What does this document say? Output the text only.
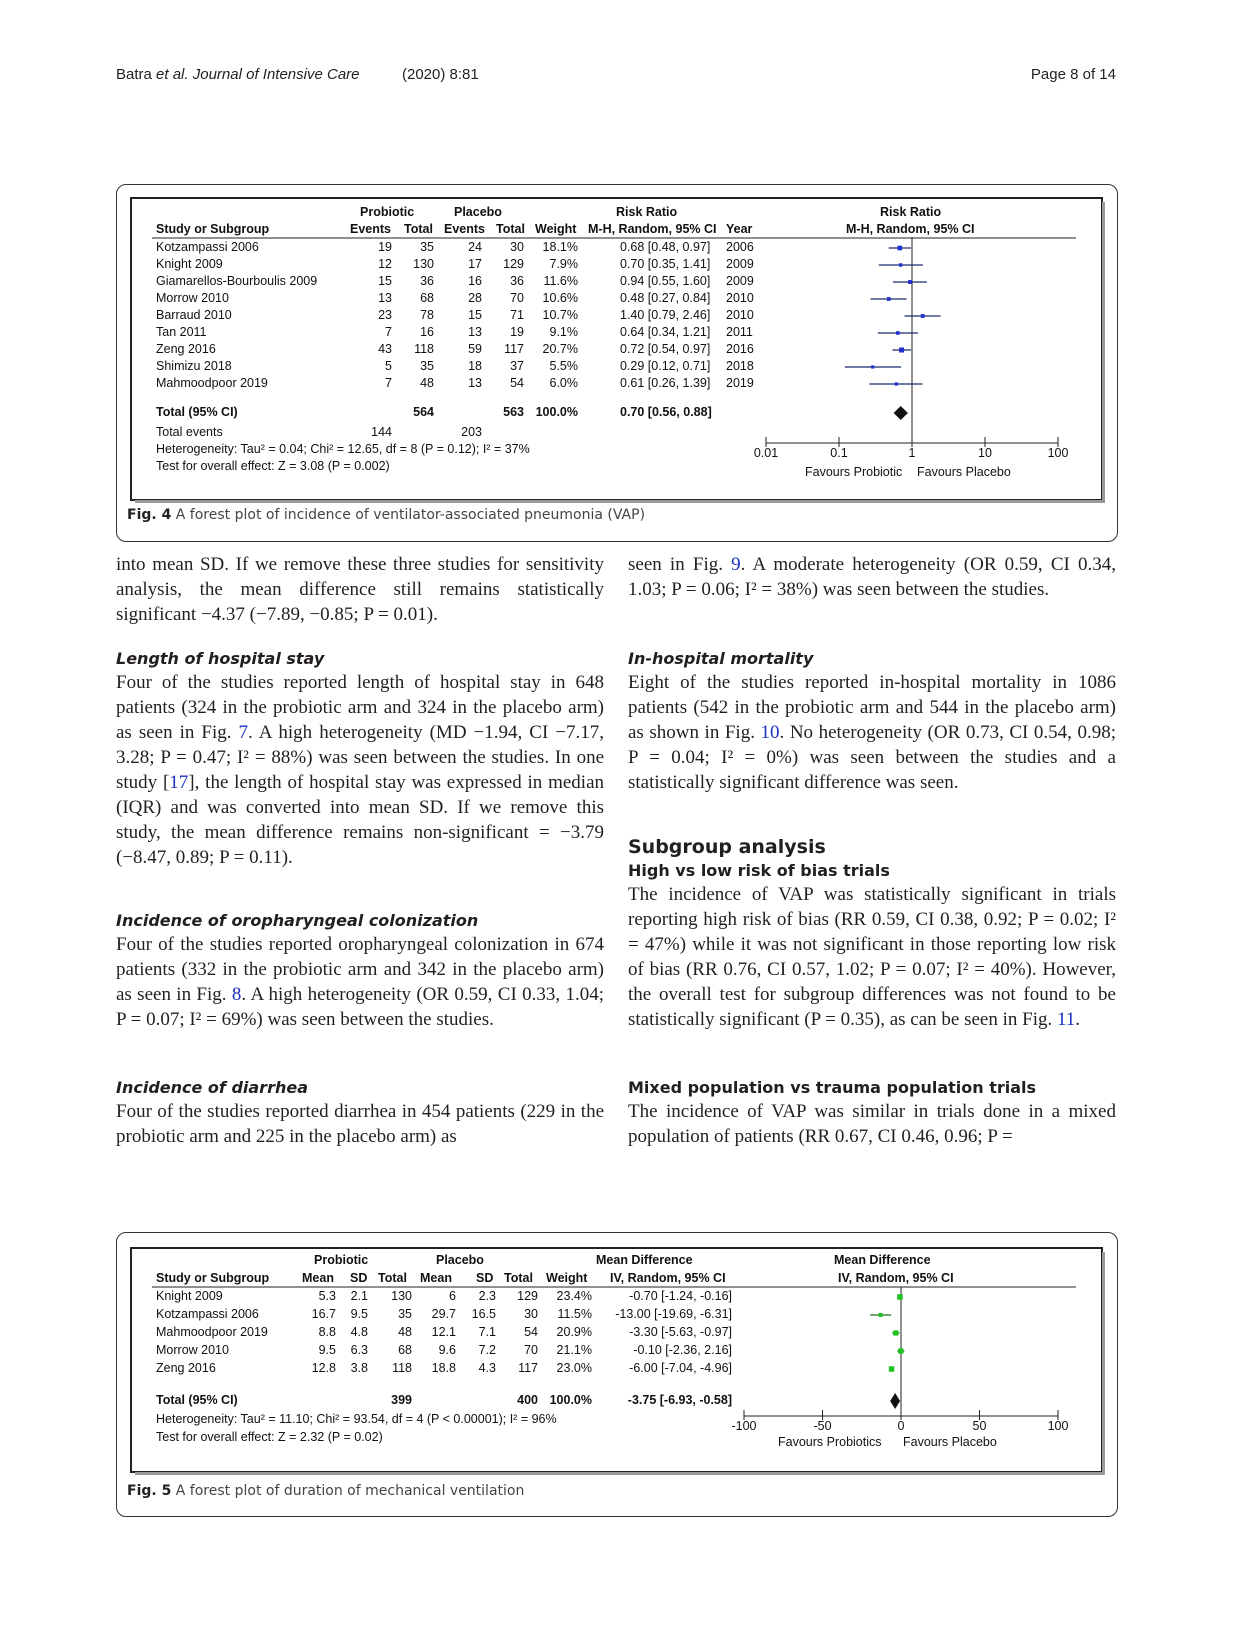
Batra et al. Journal of Intensive Care	(2020) 8:81	Page 8 of 14
Probiotic	Placebo	Risk Ratio	Risk Ratio
Study or Subgroup	Events Total Events Total Weight M-H, Random, 95% CI Year	M-H, Random, 95% CI
Kotzampassi 2006	19	35	24	30	18.1%	0.68 [0.48, 0.97] 2006
Knight 2009	12	130	17	129	7.9%	0.70 [0.35, 1.41] 2009
Giamarellos-Bourboulis 2009	15	36	16	36	11.6%	0.94 [0.55, 1.60] 2009
Morrow 2010	13	68	28	70	10.6%	0.48 [0.27, 0.84] 2010
Barraud 2010	23	78	15	71	10.7%	1.40 [0.79, 2.46] 2010
Tan 2011	7	16	13	19	9.1%	0.64 [0.34, 1.21] 2011
Zeng 2016	43	118	59	117	20.7%	0.72 [0.54, 0.97] 2016
Shimizu 2018	5	35	18	37	5.5%	0.29 [0.12, 0.71] 2018
Mahmoodpoor 2019	7	48	13	54	6.0%	0.61 [0.26, 1.39] 2019
Total (95% CI)	564	563 100.0%	0.70 [0.56, 0.88]
Total events	144	203
Heterogeneity: Tau² = 0.04; Chi² = 12.65, df = 8 (P = 0.12); I² = 37%
Test for overall effect: Z = 3.08 (P = 0.002)
0.01	0.1	1	10	100
Favours Probiotic Favours Placebo
Fig. 4 A forest plot of incidence of ventilator-associated pneumonia (VAP)

into mean SD. If we remove these three studies for sensitivity analysis, the mean difference still remains statistically significant −4.37 (−7.89, −0.85; P = 0.01).

Length of hospital stay

Four of the studies reported length of hospital stay in 648 patients (324 in the probiotic arm and 324 in the placebo arm) as seen in Fig. 7. A high heterogeneity (MD −1.94, CI −7.17, 3.28; P = 0.47; I² = 88%) was seen between the studies. In one study [17], the length of hospital stay was expressed in median (IQR) and was converted into mean SD. If we remove this study, the mean difference remains non-significant = −3.79 (−8.47, 0.89; P = 0.11).

Incidence of oropharyngeal colonization

Four of the studies reported oropharyngeal colonization in 674 patients (332 in the probiotic arm and 342 in the placebo arm) as seen in Fig. 8. A high heterogeneity (OR 0.59, CI 0.33, 1.04; P = 0.07; I² = 69%) was seen between the studies.

Incidence of diarrhea

Four of the studies reported diarrhea in 454 patients (229 in the probiotic arm and 225 in the placebo arm) as

seen in Fig. 9. A moderate heterogeneity (OR 0.59, CI 0.34, 1.03; P = 0.06; I² = 38%) was seen between the studies.

In-hospital mortality

Eight of the studies reported in-hospital mortality in 1086 patients (542 in the probiotic arm and 544 in the placebo arm) as shown in Fig. 10. No heterogeneity (OR 0.73, CI 0.54, 0.98; P = 0.04; I² = 0%) was seen between the studies and a statistically significant difference was seen.

Subgroup analysis

High vs low risk of bias trials

The incidence of VAP was statistically significant in trials reporting high risk of bias (RR 0.59, CI 0.38, 0.92; P = 0.02; I² = 47%) while it was not significant in those reporting low risk of bias (RR 0.76, CI 0.57, 1.02; P = 0.07; I² = 40%). However, the overall test for subgroup differences was not found to be statistically significant (P = 0.35), as can be seen in Fig. 11.

Mixed population vs trauma population trials

The incidence of VAP was similar in trials done in a mixed population of patients (RR 0.67, CI 0.46, 0.96; P =

Probiotic	Placebo	Mean Difference	Mean Difference
Study or Subgroup	Mean SD Total Mean SD Total Weight IV, Random, 95% CI	IV, Random, 95% CI
Knight 2009	5.3	2.1	130	6	2.3	129	23.4%	-0.70 [-1.24, -0.16]
Kotzampassi 2006	16.7	9.5	35	29.7	16.5	30	11.5%	-13.00 [-19.69, -6.31]
Mahmoodpoor 2019	8.8	4.8	48	12.1	7.1	54	20.9%	-3.30 [-5.63, -0.97]
Morrow 2010	9.5	6.3	68	9.6	7.2	70	21.1%	-0.10 [-2.36, 2.16]
Zeng 2016	12.8	3.8	118	18.8	4.3	117	23.0%	-6.00 [-7.04, -4.96]
Total (95% CI)	399	400 100.0%	-3.75 [-6.93, -0.58]
Heterogeneity: Tau² = 11.10; Chi² = 93.54, df = 4 (P < 0.00001); I² = 96%
Test for overall effect: Z = 2.32 (P = 0.02)
-100	-50	0	50	100
Favours Probiotics Favours Placebo
Fig. 5 A forest plot of duration of mechanical ventilation
